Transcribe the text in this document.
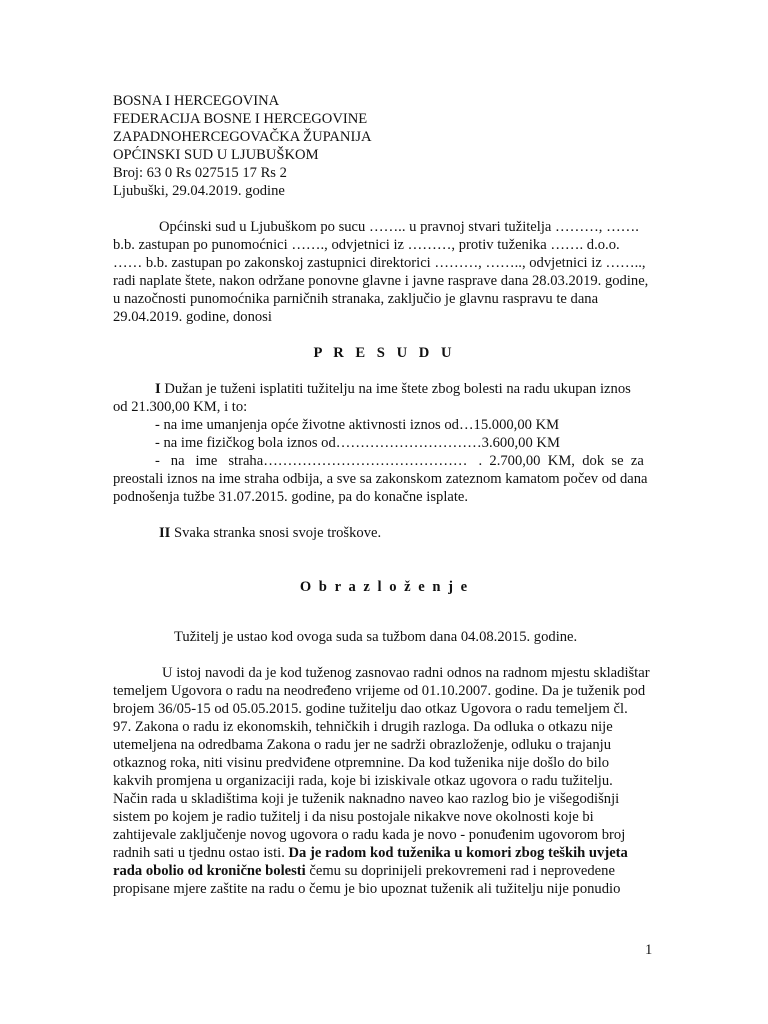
BOSNA I HERCEGOVINA
FEDERACIJA BOSNE I HERCEGOVINE
ZAPADNOHERCEGOVAČKA ŽUPANIJA
OPĆINSKI SUD U LJUBUŠKOM
Broj: 63 0 Rs 027515 17 Rs 2
Ljubuški, 29.04.2019. godine
Općinski sud u Ljubuškom po sucu …….. u pravnoj stvari tužitelja ………, …….
b.b. zastupan po punomoćnici ……., odvjetnici iz ………, protiv tuženika ……. d.o.o.
…… b.b. zastupan po zakonskoj zastupnici direktorici ………, …….., odvjetnici iz ……..,
radi naplate štete, nakon održane ponovne glavne i javne rasprave dana 28.03.2019. godine,
u nazočnosti punomoćnika parničnih stranaka, zaključio je glavnu raspravu te dana
29.04.2019. godine, donosi
P R E S U D U
I Dužan je tuženi isplatiti tužitelju na ime štete zbog bolesti na radu ukupan iznos
od 21.300,00 KM, i to:
- na ime umanjenja opće životne aktivnosti iznos od…15.000,00 KM
- na ime fizičkog bola iznos od…………………………3.600,00 KM
-   na   ime   straha……………………………………   .  2.700,00  KM,  dok  se  za
preostali iznos na ime straha odbija, a sve sa zakonskom zateznom kamatom počev od dana
podnošenja tužbe 31.07.2015. godine, pa do konačne isplate.
II Svaka stranka snosi svoje troškove.
O b r a z l o ž e n j e
Tužitelj je ustao kod ovoga suda sa tužbom dana 04.08.2015. godine.
U istoj navodi da je kod tuženog zasnovao radni odnos na radnom mjestu skladištar
temeljem Ugovora o radu na neodređeno vrijeme od 01.10.2007. godine. Da je tuženik pod
brojem 36/05-15 od 05.05.2015. godine tužitelju dao otkaz Ugovora o radu temeljem čl.
97. Zakona o radu iz ekonomskih, tehničkih i drugih razloga. Da odluka o otkazu nije
utemeljena na odredbama Zakona o radu jer ne sadrži obrazloženje, odluku o trajanju
otkaznog roka, niti visinu predviđene otpremnine. Da kod tuženika nije došlo do bilo
kakvih promjena u organizaciji rada, koje bi iziskivale otkaz ugovora o radu tužitelju.
Način rada u skladištima koji je tuženik naknadno naveo kao razlog bio je višegodišnji
sistem po kojem je radio tužitelj i da nisu postojale nikakve nove okolnosti koje bi
zahtijevale zaključenje novog ugovora o radu kada je novo - ponuđenim ugovorom broj
radnih sati u tjednu ostao isti. Da je radom kod tuženika u komori zbog teških uvjeta
rada obolio od kronične bolesti čemu su doprinijeli prekovremeni rad i neprovedene
propisane mjere zaštite na radu o čemu je bio upoznat tuženik ali tužitelju nije ponudio
1
